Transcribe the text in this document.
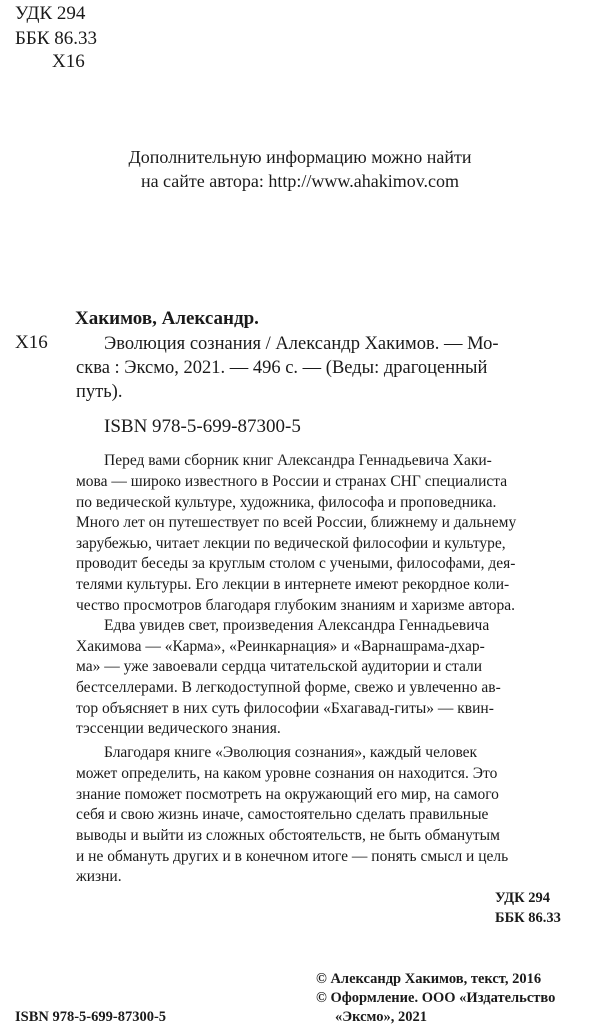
УДК 294
ББК 86.33
Х16
Дополнительную информацию можно найти
на сайте автора: http://www.ahakimov.com
Х16
Хакимов, Александр.
Эволюция сознания / Александр Хакимов. — Мо-
сква : Эксмо, 2021. — 496 с. — (Веды: драгоценный
путь).
ISBN 978-5-699-87300-5
Перед вами сборник книг Александра Геннадьевича Хаки-
мова — широко известного в России и странах СНГ специалиста
по ведической культуре, художника, философа и проповедника.
Много лет он путешествует по всей России, ближнему и дальнему
зарубежью, читает лекции по ведической философии и культуре,
проводит беседы за круглым столом с учеными, философами, дея-
телями культуры. Его лекции в интернете имеют рекордное коли-
чество просмотров благодаря глубоким знаниям и харизме автора.
Едва увидев свет, произведения Александра Геннадьевича
Хакимова — «Карма», «Реинкарнация» и «Варнашрама-дхар-
ма» — уже завоевали сердца читательской аудитории и стали
бестселлерами. В легкодоступной форме, свежо и увлеченно ав-
тор объясняет в них суть философии «Бхагавад-гиты» — квин-
тэссенции ведического знания.
Благодаря книге «Эволюция сознания», каждый человек
может определить, на каком уровне сознания он находится. Это
знание поможет посмотреть на окружающий его мир, на самого
себя и свою жизнь иначе, самостоятельно сделать правильные
выводы и выйти из сложных обстоятельств, не быть обманутым
и не обмануть других и в конечном итоге — понять смысл и цель
жизни.
УДК 294
ББК 86.33
ISBN 978-5-699-87300-5
© Александр Хакимов, текст, 2016
© Оформление. ООО «Издательство
«Эксмо», 2021
